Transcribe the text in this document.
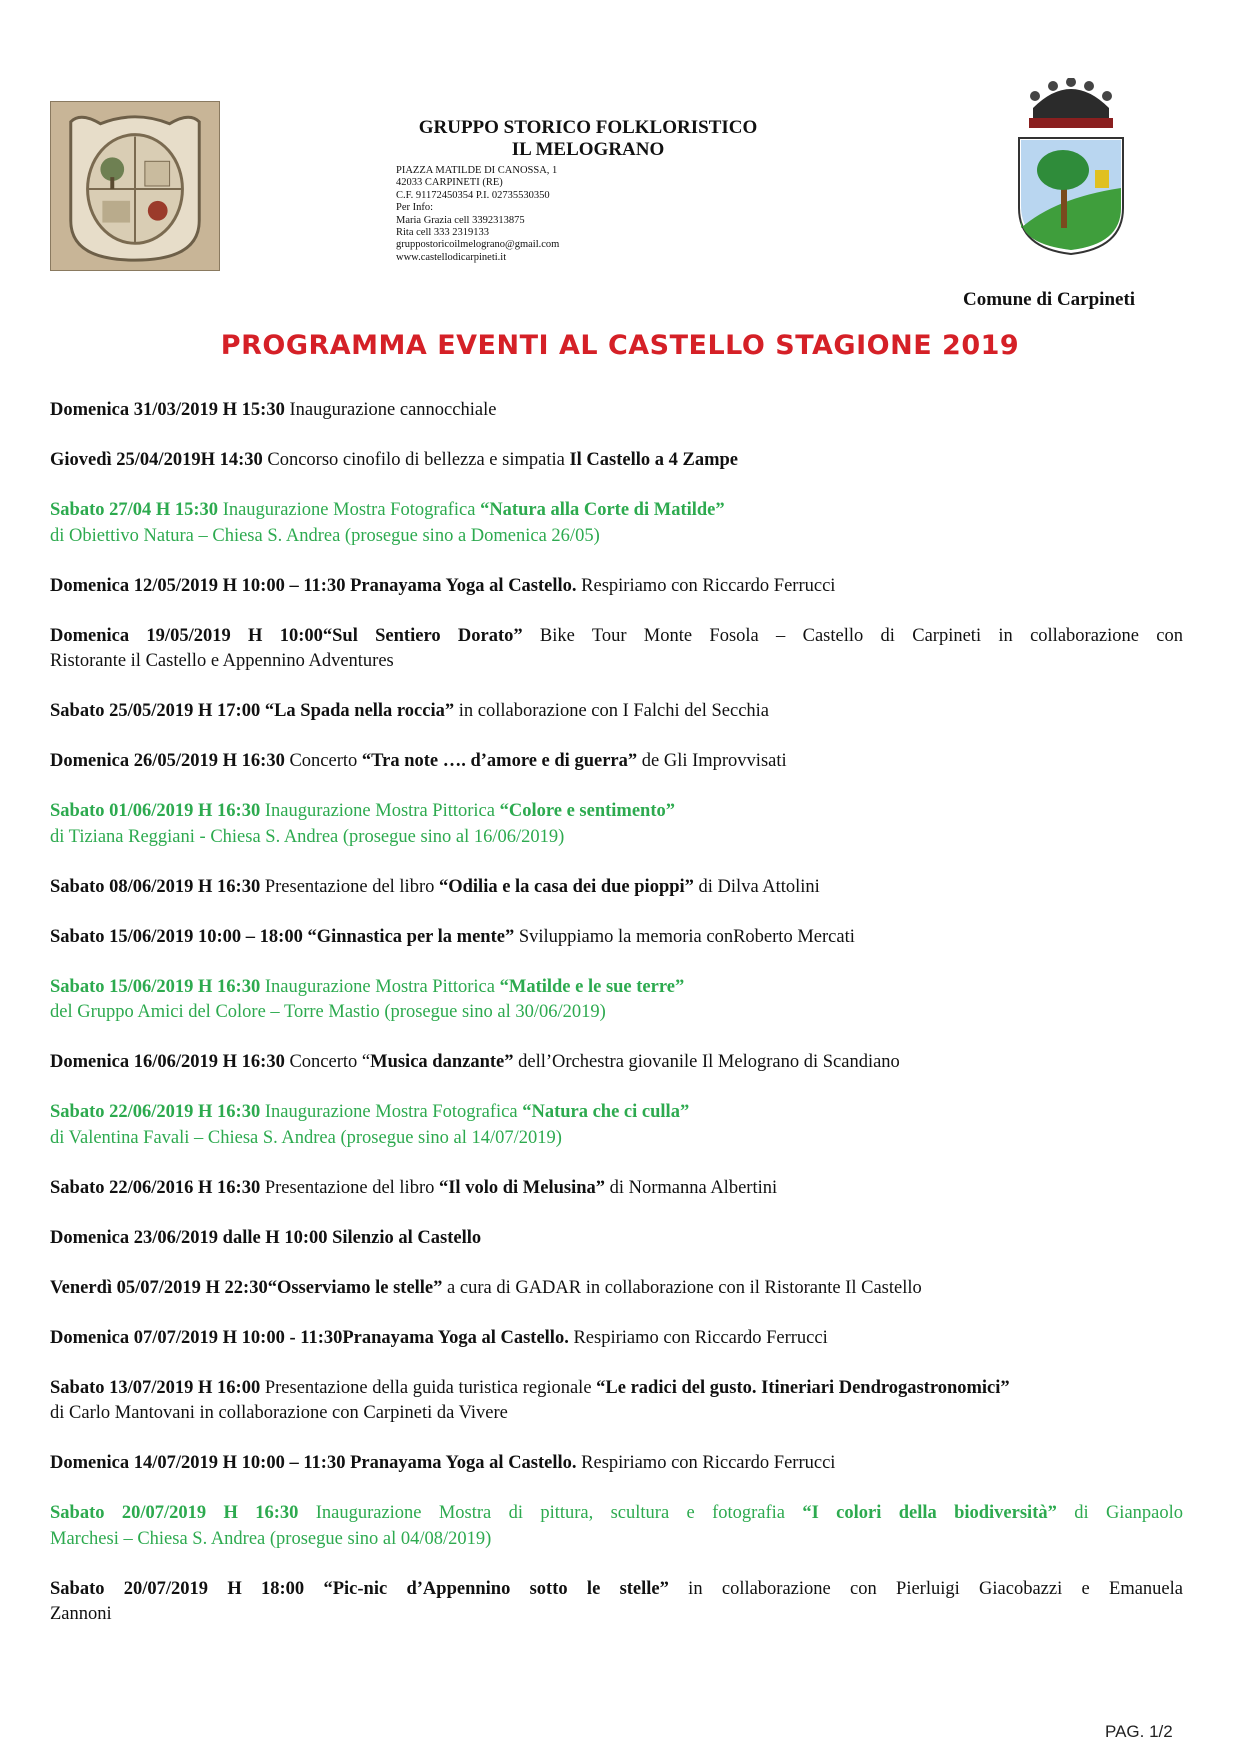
GRUPPO STORICO FOLKLORISTICO
IL MELOGRANO
PIAZZA MATILDE DI CANOSSA, 1
42033 CARPINETI (RE)
C.F. 91172450354 P.I. 02735530350
Per Info:
Maria Grazia cell 3392313875
Rita cell 333 2319133
gruppostoricoilmelograno@gmail.com
www.castellodicarpineti.it
Comune di Carpineti
PROGRAMMA EVENTI AL CASTELLO STAGIONE 2019

Domenica 31/03/2019 H 15:30 Inaugurazione cannocchiale

Giovedì 25/04/2019H 14:30 Concorso cinofilo di bellezza e simpatia Il Castello a 4 Zampe

Sabato 27/04 H 15:30 Inaugurazione Mostra Fotografica “Natura alla Corte di Matilde”
di Obiettivo Natura – Chiesa S. Andrea (prosegue sino a Domenica 26/05)

Domenica 12/05/2019 H 10:00 – 11:30 Pranayama Yoga al Castello. Respiriamo con Riccardo Ferrucci

Domenica 19/05/2019 H 10:00“Sul Sentiero Dorato” Bike Tour Monte Fosola – Castello di Carpineti in collaborazione con
Ristorante il Castello e Appennino Adventures

Sabato 25/05/2019 H 17:00 “La Spada nella roccia” in collaborazione con I Falchi del Secchia

Domenica 26/05/2019 H 16:30 Concerto “Tra note …. d’amore e di guerra” de Gli Improvvisati

Sabato 01/06/2019 H 16:30 Inaugurazione Mostra Pittorica “Colore e sentimento”
di Tiziana Reggiani - Chiesa S. Andrea (prosegue sino al 16/06/2019)

Sabato 08/06/2019 H 16:30 Presentazione del libro “Odilia e la casa dei due pioppi” di Dilva Attolini

Sabato 15/06/2019 10:00 – 18:00 “Ginnastica per la mente” Sviluppiamo la memoria conRoberto Mercati

Sabato 15/06/2019 H 16:30 Inaugurazione Mostra Pittorica “Matilde e le sue terre”
del Gruppo Amici del Colore – Torre Mastio (prosegue sino al 30/06/2019)

Domenica 16/06/2019 H 16:30 Concerto “Musica danzante” dell’Orchestra giovanile Il Melograno di Scandiano

Sabato 22/06/2019 H 16:30 Inaugurazione Mostra Fotografica “Natura che ci culla”
di Valentina Favali – Chiesa S. Andrea (prosegue sino al 14/07/2019)

Sabato 22/06/2016 H 16:30 Presentazione del libro “Il volo di Melusina” di Normanna Albertini

Domenica 23/06/2019 dalle H 10:00 Silenzio al Castello

Venerdì 05/07/2019 H 22:30“Osserviamo le stelle” a cura di GADAR in collaborazione con il Ristorante Il Castello

Domenica 07/07/2019 H 10:00 - 11:30Pranayama Yoga al Castello. Respiriamo con Riccardo Ferrucci

Sabato 13/07/2019 H 16:00 Presentazione della guida turistica regionale “Le radici del gusto. Itineriari Dendrogastronomici”
di Carlo Mantovani in collaborazione con Carpineti da Vivere

Domenica 14/07/2019 H 10:00 – 11:30 Pranayama Yoga al Castello. Respiriamo con Riccardo Ferrucci

Sabato 20/07/2019 H 16:30 Inaugurazione Mostra di pittura, scultura e fotografia “I colori della biodiversità” di Gianpaolo
Marchesi – Chiesa S. Andrea (prosegue sino al 04/08/2019)

Sabato 20/07/2019 H 18:00 “Pic-nic d’Appennino sotto le stelle” in collaborazione con Pierluigi Giacobazzi e Emanuela
Zannoni

PAG. 1/2
